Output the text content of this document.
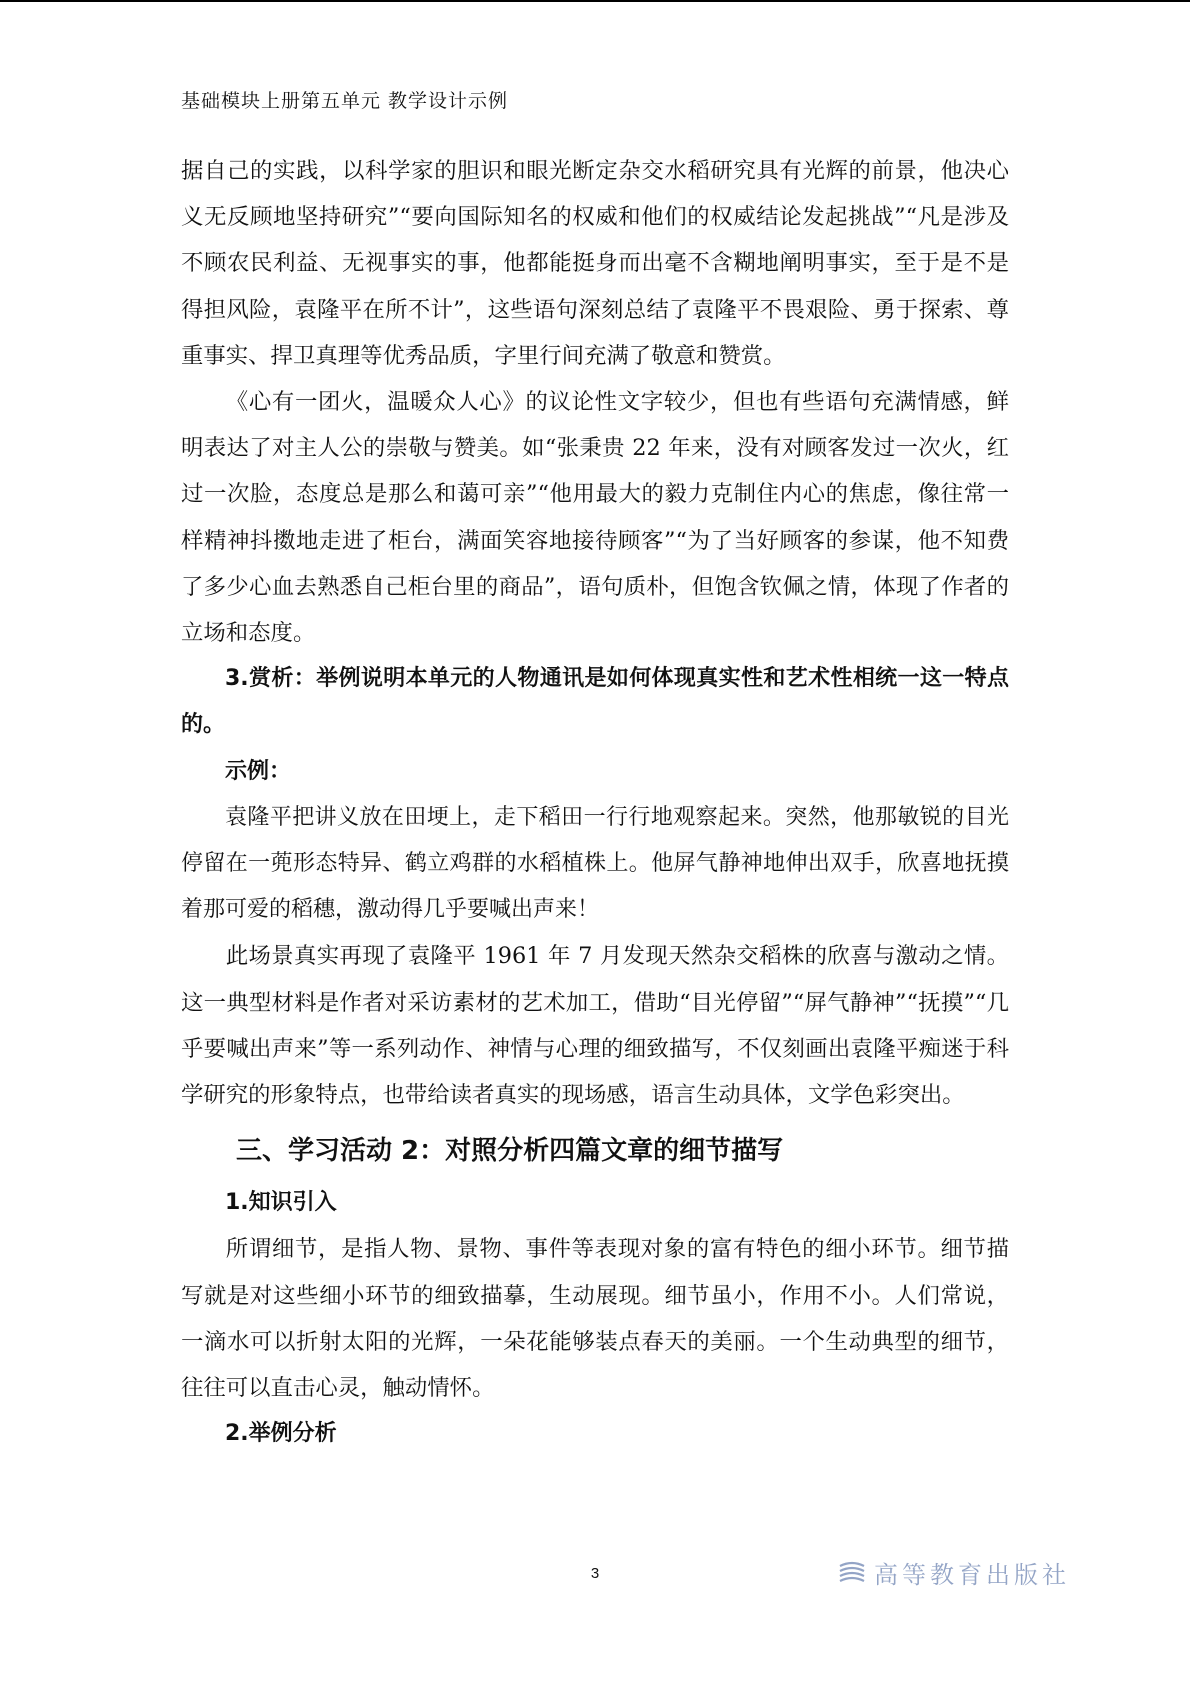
基础模块上册第五单元 教学设计示例

据自己的实践，以科学家的胆识和眼光断定杂交水稻研究具有光辉的前景，他决心义无反顾地坚持研究”“要向国际知名的权威和他们的权威结论发起挑战”“凡是涉及不顾农民利益、无视事实的事，他都能挺身而出毫不含糊地阐明事实，至于是不是得担风险，袁隆平在所不计”，这些语句深刻总结了袁隆平不畏艰险、勇于探索、尊重事实、捍卫真理等优秀品质，字里行间充满了敬意和赞赏。

《心有一团火，温暖众人心》的议论性文字较少，但也有些语句充满情感，鲜明表达了对主人公的崇敬与赞美。如“张秉贵 22 年来，没有对顾客发过一次火，红过一次脸，态度总是那么和蔼可亲”“他用最大的毅力克制住内心的焦虑，像往常一样精神抖擞地走进了柜台，满面笑容地接待顾客”“为了当好顾客的参谋，他不知费了多少心血去熟悉自己柜台里的商品”，语句质朴，但饱含钦佩之情，体现了作者的立场和态度。

3.赏析：举例说明本单元的人物通讯是如何体现真实性和艺术性相统一这一特点的。

示例：

袁隆平把讲义放在田埂上，走下稻田一行行地观察起来。突然，他那敏锐的目光停留在一蔸形态特异、鹤立鸡群的水稻植株上。他屏气静神地伸出双手，欣喜地抚摸着那可爱的稻穗，激动得几乎要喊出声来！

此场景真实再现了袁隆平 1961 年 7 月发现天然杂交稻株的欣喜与激动之情。这一典型材料是作者对采访素材的艺术加工，借助“目光停留”“屏气静神”“抚摸”“几乎要喊出声来”等一系列动作、神情与心理的细致描写，不仅刻画出袁隆平痴迷于科学研究的形象特点，也带给读者真实的现场感，语言生动具体，文学色彩突出。

三、学习活动 2：对照分析四篇文章的细节描写

1.知识引入

所谓细节，是指人物、景物、事件等表现对象的富有特色的细小环节。细节描写就是对这些细小环节的细致描摹，生动展现。细节虽小，作用不小。人们常说，一滴水可以折射太阳的光辉，一朵花能够装点春天的美丽。一个生动典型的细节，往往可以直击心灵，触动情怀。

2.举例分析

3	高等教育出版社
